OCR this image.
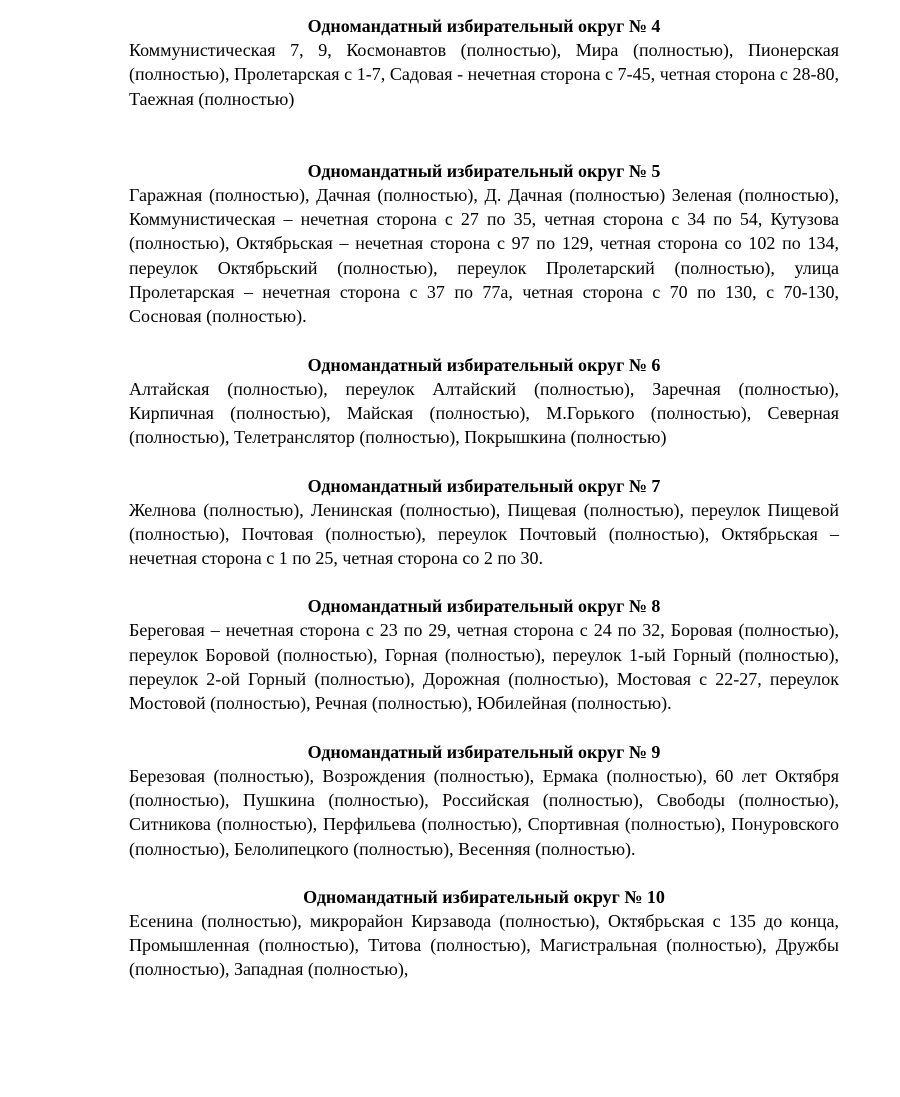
Одномандатный избирательный округ № 4

Коммунистическая 7, 9, Космонавтов (полностью), Мира (полностью), Пионерская (полностью), Пролетарская с 1-7, Садовая - нечетная сторона с 7-45, четная сторона с 28-80, Таежная (полностью)

Одномандатный избирательный округ № 5

Гаражная (полностью), Дачная (полностью), Д. Дачная (полностью) Зеленая (полностью), Коммунистическая – нечетная сторона с 27 по 35, четная сторона с 34 по 54, Кутузова (полностью), Октябрьская – нечетная сторона с 97 по 129, четная сторона со 102 по 134, переулок Октябрьский (полностью), переулок Пролетарский (полностью), улица Пролетарская – нечетная сторона с 37 по 77а, четная сторона с 70 по 130, с 70-130, Сосновая (полностью).

Одномандатный избирательный округ № 6

Алтайская (полностью), переулок Алтайский (полностью), Заречная (полностью), Кирпичная (полностью), Майская (полностью), М.Горького (полностью), Северная (полностью), Телетранслятор (полностью), Покрышкина (полностью)

Одномандатный избирательный округ № 7

Желнова (полностью), Ленинская (полностью), Пищевая (полностью), переулок Пищевой (полностью), Почтовая (полностью), переулок Почтовый (полностью), Октябрьская – нечетная сторона с 1 по 25, четная сторона со 2 по 30.

Одномандатный избирательный округ № 8

Береговая – нечетная сторона с 23 по 29, четная сторона с 24 по 32, Боровая (полностью), переулок Боровой (полностью), Горная (полностью), переулок 1-ый Горный (полностью), переулок 2-ой Горный (полностью), Дорожная (полностью), Мостовая с 22-27, переулок Мостовой (полностью), Речная (полностью), Юбилейная (полностью).

Одномандатный избирательный округ № 9

Березовая (полностью), Возрождения (полностью), Ермака (полностью), 60 лет Октября (полностью), Пушкина (полностью), Российская (полностью), Свободы (полностью), Ситникова (полностью), Перфильева (полностью), Спортивная (полностью), Понуровского (полностью), Белолипецкого (полностью), Весенняя (полностью).

Одномандатный избирательный округ № 10

Есенина (полностью), микрорайон Кирзавода (полностью), Октябрьская с 135 до конца, Промышленная (полностью), Титова (полностью), Магистральная (полностью), Дружбы (полностью), Западная (полностью),
